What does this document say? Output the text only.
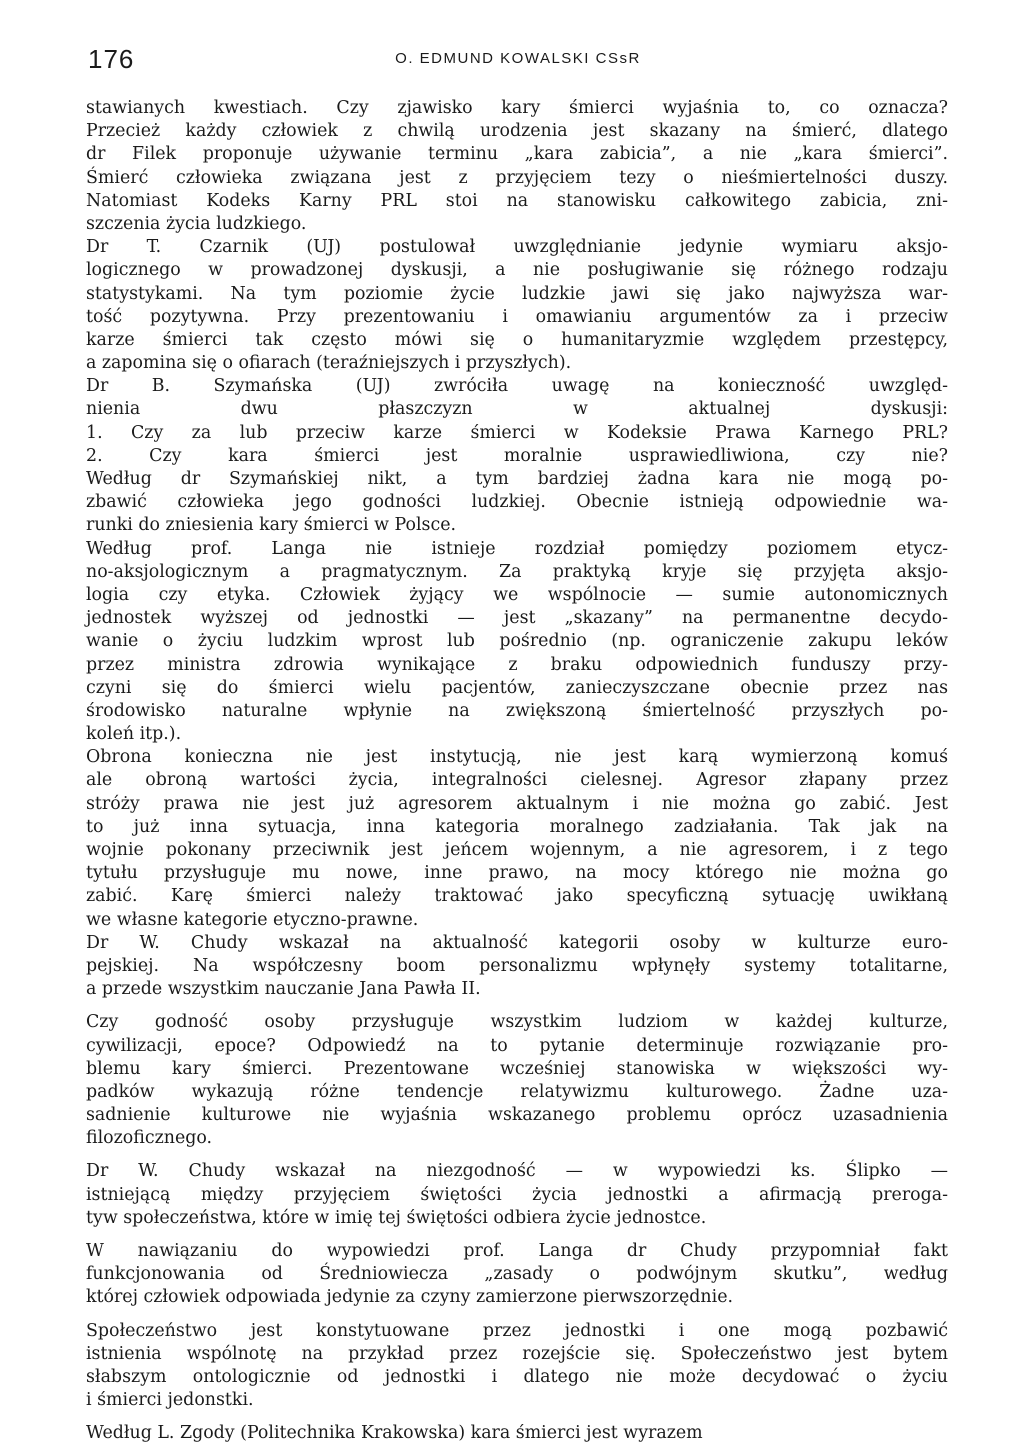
176	O. EDMUND KOWALSKI CSsR
stawianych kwestiach. Czy zjawisko kary śmierci wyjaśnia to, co oznacza?
Przecież każdy człowiek z chwilą urodzenia jest skazany na śmierć, dlatego
dr Filek proponuje używanie terminu „kara zabicia”, a nie „kara śmierci”.
Śmierć człowieka związana jest z przyjęciem tezy o nieśmiertelności duszy.
Natomiast Kodeks Karny PRL stoi na stanowisku całkowitego zabicia, zni-
szczenia życia ludzkiego.
Dr T. Czarnik (UJ) postulował uwzględnianie jedynie wymiaru aksjo-
logicznego w prowadzonej dyskusji, a nie posługiwanie się różnego rodzaju
statystykami. Na tym poziomie życie ludzkie jawi się jako najwyższa war-
tość pozytywna. Przy prezentowaniu i omawianiu argumentów za i przeciw
karze śmierci tak często mówi się o humanitaryzmie względem przestępcy,
a zapomina się o ofiarach (teraźniejszych i przyszłych).
Dr B. Szymańska (UJ) zwróciła uwagę na konieczność uwzględ-
nienia dwu płaszczyzn w aktualnej dyskusji:
1. Czy za lub przeciw karze śmierci w Kodeksie Prawa Karnego PRL?
2. Czy kara śmierci jest moralnie usprawiedliwiona, czy nie?
Według dr Szymańskiej nikt, a tym bardziej żadna kara nie mogą po-
zbawić człowieka jego godności ludzkiej. Obecnie istnieją odpowiednie wa-
runki do zniesienia kary śmierci w Polsce.
Według prof. Langa nie istnieje rozdział pomiędzy poziomem etycz-
no-aksjologicznym a pragmatycznym. Za praktyką kryje się przyjęta aksjo-
logia czy etyka. Człowiek żyjący we wspólnocie — sumie autonomicznych
jednostek wyższej od jednostki — jest „skazany” na permanentne decydo-
wanie o życiu ludzkim wprost lub pośrednio (np. ograniczenie zakupu leków
przez ministra zdrowia wynikające z braku odpowiednich funduszy przy-
czyni się do śmierci wielu pacjentów, zanieczyszczane obecnie przez nas
środowisko naturalne wpłynie na zwiększoną śmiertelność przyszłych po-
koleń itp.).
Obrona konieczna nie jest instytucją, nie jest karą wymierzoną komuś
ale obroną wartości życia, integralności cielesnej. Agresor złapany przez
stróży prawa nie jest już agresorem aktualnym i nie można go zabić. Jest
to już inna sytuacja, inna kategoria moralnego zadziałania. Tak jak na
wojnie pokonany przeciwnik jest jeńcem wojennym, a nie agresorem, i z tego
tytułu przysługuje mu nowe, inne prawo, na mocy którego nie można go
zabić. Karę śmierci należy traktować jako specyficzną sytuację uwikłaną
we własne kategorie etyczno-prawne.
Dr W. Chudy wskazał na aktualność kategorii osoby w kulturze euro-
pejskiej. Na współczesny boom personalizmu wpłynęły systemy totalitarne,
a przede wszystkim nauczanie Jana Pawła II.
Czy godność osoby przysługuje wszystkim ludziom w każdej kulturze,
cywilizacji, epoce? Odpowiedź na to pytanie determinuje rozwiązanie pro-
blemu kary śmierci. Prezentowane wcześniej stanowiska w większości wy-
padków wykazują różne tendencje relatywizmu kulturowego. Żadne uza-
sadnienie kulturowe nie wyjaśnia wskazanego problemu oprócz uzasadnienia
filozoficznego.
Dr W. Chudy wskazał na niezgodność — w wypowiedzi ks. Ślipko —
istniejącą między przyjęciem świętości życia jednostki a afirmacją prerogа-
tyw społeczeństwa, które w imię tej świętości odbiera życie jednostce.
W nawiązaniu do wypowiedzi prof. Langa dr Chudy przypomniał fakt
funkcjonowania od Średniowiecza „zasady o podwójnym skutku”, według
której człowiek odpowiada jedynie za czyny zamierzone pierwszorzędnie.
Społeczeństwo jest konstytuowane przez jednostki i one mogą pozbawić
istnienia wspólnotę na przykład przez rozejście się. Społeczeństwo jest bytem
słabszym ontologicznie od jednostki i dlatego nie może decydować o życiu
i śmierci jedonstki.
Według L. Zgody (Politechnika Krakowska) kara śmierci jest wyrazem
